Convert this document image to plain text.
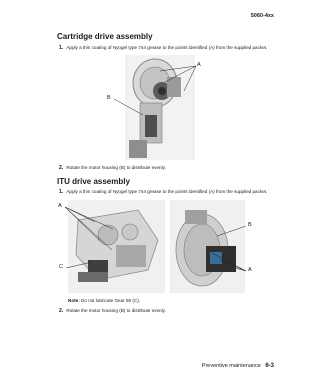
5060-4xx
Cartridge drive assembly
1. Apply a thin coating of Nyogel type 744 grease to the points identified (A) from the supplied packet.
A
B
2. Rotate the motor housing (B) to distribute evenly.
ITU drive assembly
1. Apply a thin coating of Nyogel type 744 grease to the points identified (A) from the supplied packet.
A
C
B
A
Note: Do not lubricate Gear 58 (C).
2. Rotate the motor housing (B) to distribute evenly.
Preventive maintenance 6-3
